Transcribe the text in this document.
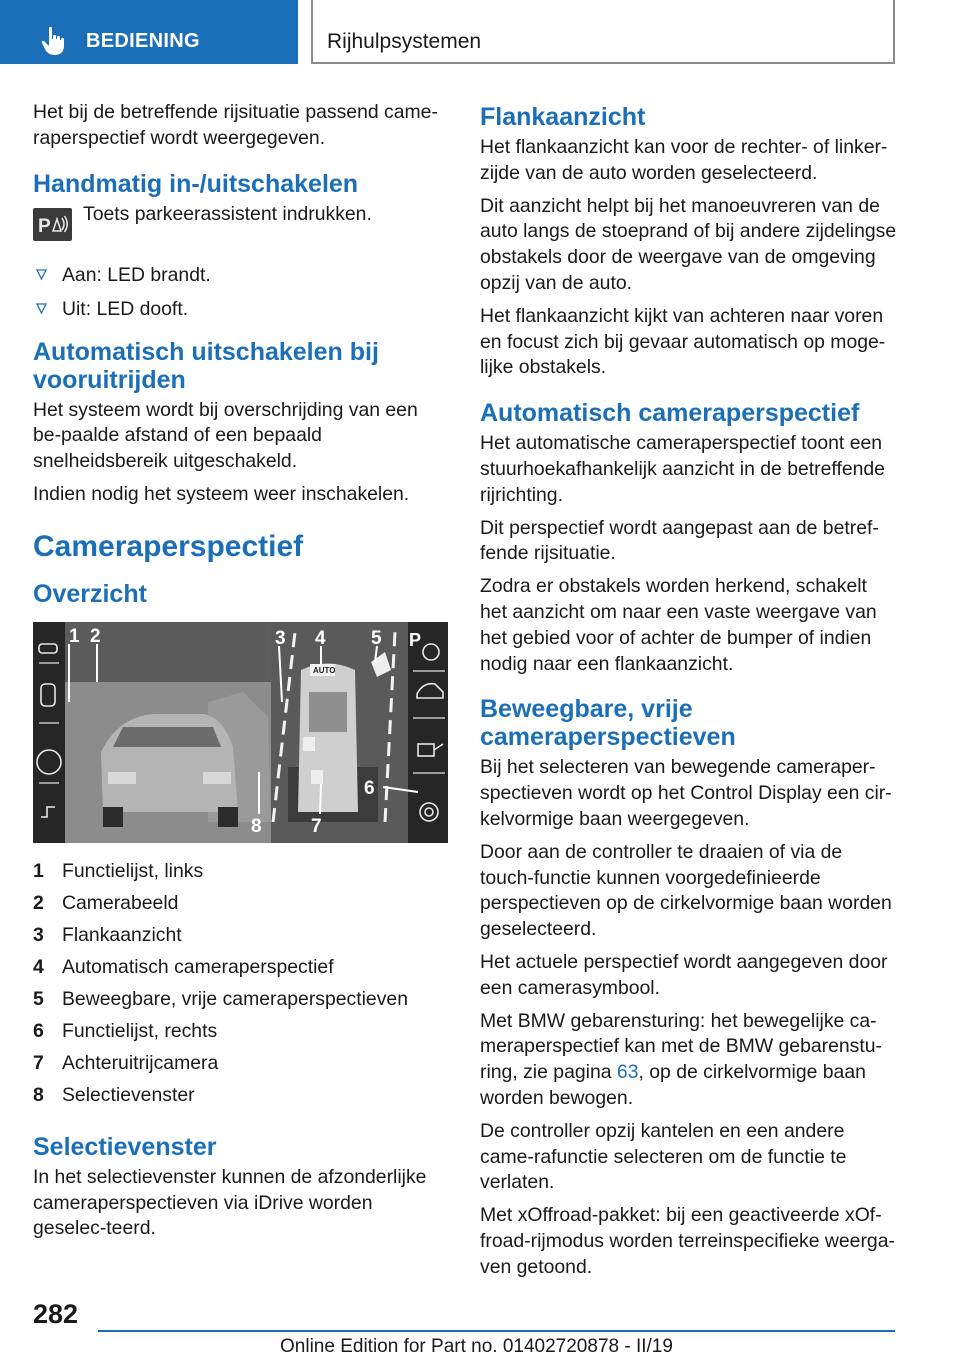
BEDIENING	Rijhulpsystemen

Het bij de betreffende rijsituatie passend came-raperspectief wordt weergegeven.

Handmatig in-/uitschakelen
P

Toets parkeerassistent indrukken.

Aan: LED brandt.
Uit: LED dooft.
Automatisch uitschakelen bij vooruitrijden

Het systeem wordt bij overschrijding van een be-paalde afstand of een bepaald snelheidsbereik uitgeschakeld.

Indien nodig het systeem weer inschakelen.

Cameraperspectief
Overzicht
AUTO
P
1 2	3 4 5
6
7
8
1 Functielijst, links
2 Camerabeeld
3 Flankaanzicht
4 Automatisch cameraperspectief
5 Beweegbare, vrije cameraperspectieven
6 Functielijst, rechts
7 Achteruitrijcamera
8 Selectievenster
Selectievenster

In het selectievenster kunnen de afzonderlijke cameraperspectieven via iDrive worden geselec-teerd.

Flankaanzicht

Het flankaanzicht kan voor de rechter- of linker-zijde van de auto worden geselecteerd.

Dit aanzicht helpt bij het manoeuvreren van de auto langs de stoeprand of bij andere zijdelingse obstakels door de weergave van de omgeving opzij van de auto.

Het flankaanzicht kijkt van achteren naar voren en focust zich bij gevaar automatisch op moge-lijke obstakels.

Automatisch cameraperspectief

Het automatische cameraperspectief toont een stuurhoekafhankelijk aanzicht in de betreffende rijrichting.

Dit perspectief wordt aangepast aan de betref-fende rijsituatie.

Zodra er obstakels worden herkend, schakelt het aanzicht om naar een vaste weergave van het gebied voor of achter de bumper of indien nodig naar een flankaanzicht.

Beweegbare, vrije cameraperspectieven

Bij het selecteren van bewegende cameraper-spectieven wordt op het Control Display een cir-kelvormige baan weergegeven.

Door aan de controller te draaien of via de touch-functie kunnen voorgedefinieerde perspectieven op de cirkelvormige baan worden geselecteerd.

Het actuele perspectief wordt aangegeven door een camerasymbool.

Met BMW gebarensturing: het bewegelijke ca-meraperspectief kan met de BMW gebarenstu-ring, zie pagina 63, op de cirkelvormige baan worden bewogen.

De controller opzij kantelen en een andere came-rafunctie selecteren om de functie te verlaten.

Met xOffroad-pakket: bij een geactiveerde xOf-froad-rijmodus worden terreinspecifieke weerga-ven getoond.

282
Online Edition for Part no. 01402720878 - II/19
